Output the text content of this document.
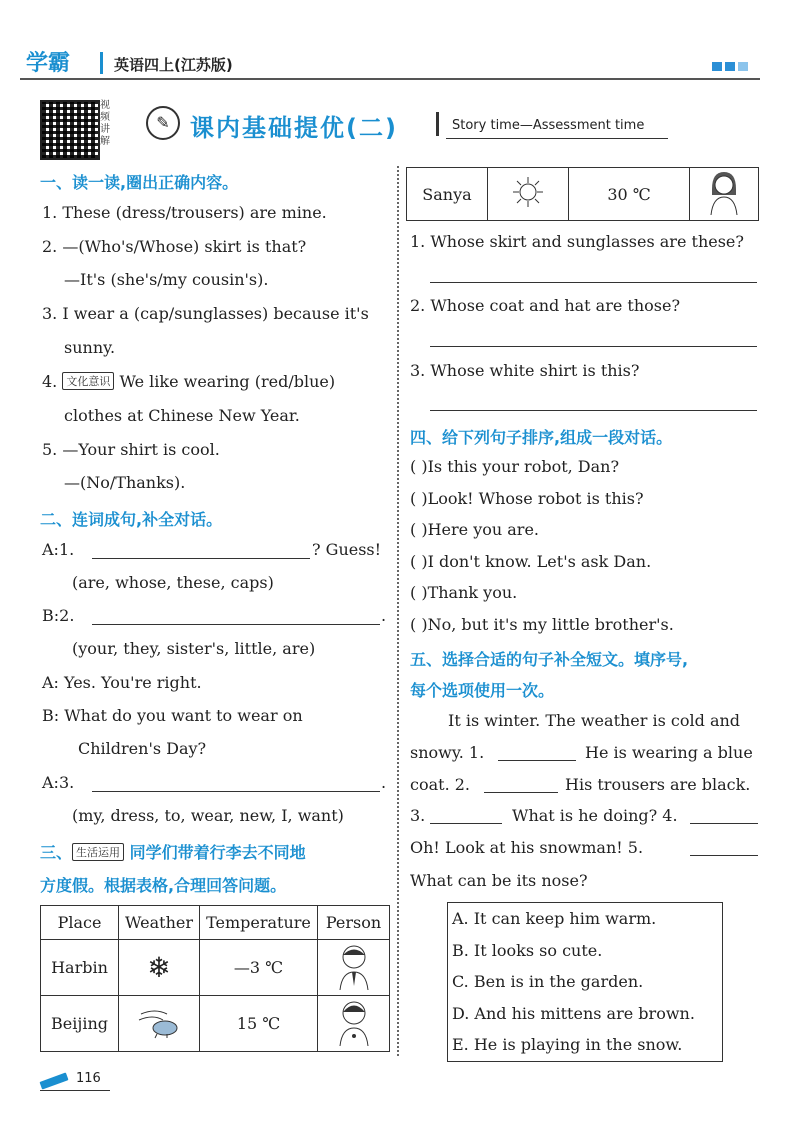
学霸	英语四上(江苏版)
视频讲解
✎ 课内基础提优(二)	Story time—Assessment time
一、读一读,圈出正确内容。
1. These (dress/trousers) are mine.
2. —(Who's/Whose) skirt is that?
—It's (she's/my cousin's).
3. I wear a (cap/sunglasses) because it's
sunny.
4. 文化意识 We like wearing (red/blue)
clothes at Chinese New Year.
5. —Your shirt is cool.
—(No/Thanks).
二、连词成句,补全对话。
A:1.	? Guess!
(are, whose, these, caps)
B:2.	.
(your, they, sister's, little, are)
A: Yes. You're right.
B: What do you want to wear on
Children's Day?
A:3.	.
(my, dress, to, wear, new, I, want)
三、 生活运用 同学们带着行李去不同地
方度假。根据表格,合理回答问题。
Place	Weather	Temperature	Person
Harbin	❄	—3 ℃	
Beijing		15 ℃	
Sanya		30 ℃	
1. Whose skirt and sunglasses are these?
2. Whose coat and hat are those?
3. Whose white shirt is this?
四、给下列句子排序,组成一段对话。
( )Is this your robot, Dan?
( )Look! Whose robot is this?
( )Here you are.
( )I don't know. Let's ask Dan.
( )Thank you.
( )No, but it's my little brother's.
五、选择合适的句子补全短文。填序号,
每个选项使用一次。
It is winter. The weather is cold and
snowy. 1.	He is wearing a blue
coat. 2.	His trousers are black.
3.	What is he doing? 4.
Oh! Look at his snowman! 5.
What can be its nose?
A. It can keep him warm.
B. It looks so cute.
C. Ben is in the garden.
D. And his mittens are brown.
E. He is playing in the snow.
116
